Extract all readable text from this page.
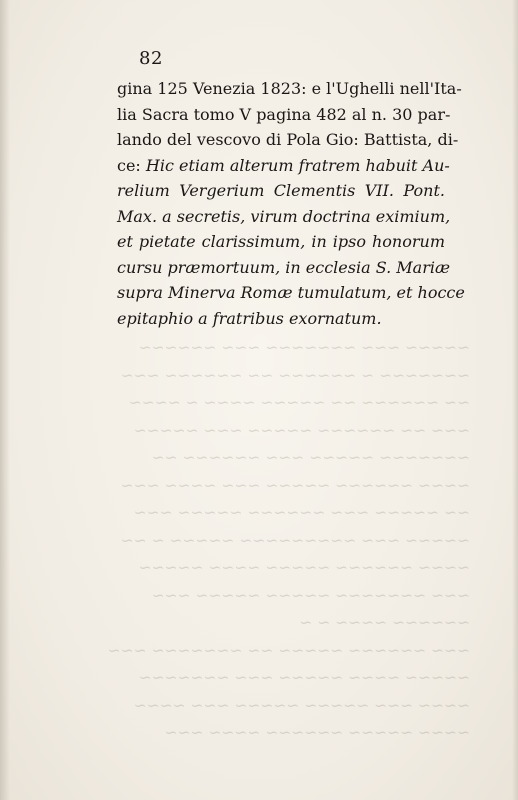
~~~~~ ~~~ ~~~~~~~ ~~~ ~~~~~~
~~~~~~~ ~ ~~~~~~ ~~ ~~~~~~ ~~~
~~ ~~~~~~ ~~ ~~~~~ ~~~~ ~ ~~~~
~~~ ~~ ~~~~~~ ~~~~~ ~~~ ~~~~~
~~~~~~~ ~~~~~ ~~~ ~~~~~~ ~~
~~~~ ~~~~~~ ~~~~~ ~~~ ~~~~ ~~~
~~ ~~~~~ ~~~ ~~~~~~ ~~~~~ ~~~
~~~~~ ~~~ ~~~~~~~~~ ~~~~~ ~ ~~
~~~~ ~~~~~~ ~~~~~ ~~~~ ~~~~~
~~~ ~~~~~~~ ~~~~~ ~~~~~ ~~~
~~~~~~ ~~~~ ~ ~
~~~ ~~~~~~ ~~~~~ ~~ ~~~~~~~ ~~~
~~~~~ ~~~~ ~~~~~ ~~~ ~~~~~~~
~~~~ ~~~ ~~~~~ ~~~~~ ~~~ ~~~~
~~~~ ~~~~~ ~~~~~~ ~~~~ ~~~
82
gina 125 Venezia 1823: e l'Ughelli nell'Ita-
lia Sacra tomo V pagina 482 al n. 30 par-
lando del vescovo di Pola Gio: Battista, di-
ce: Hic etiam alterum fratrem habuit Au-
relium Vergerium Clementis VII. Pont.
Max. a secretis, virum doctrina eximium,
et pietate clarissimum, in ipso honorum
cursu præmortuum, in ecclesia S. Mariæ
supra Minerva Romæ tumulatum, et hocce
epitaphio a fratribus exornatum.
